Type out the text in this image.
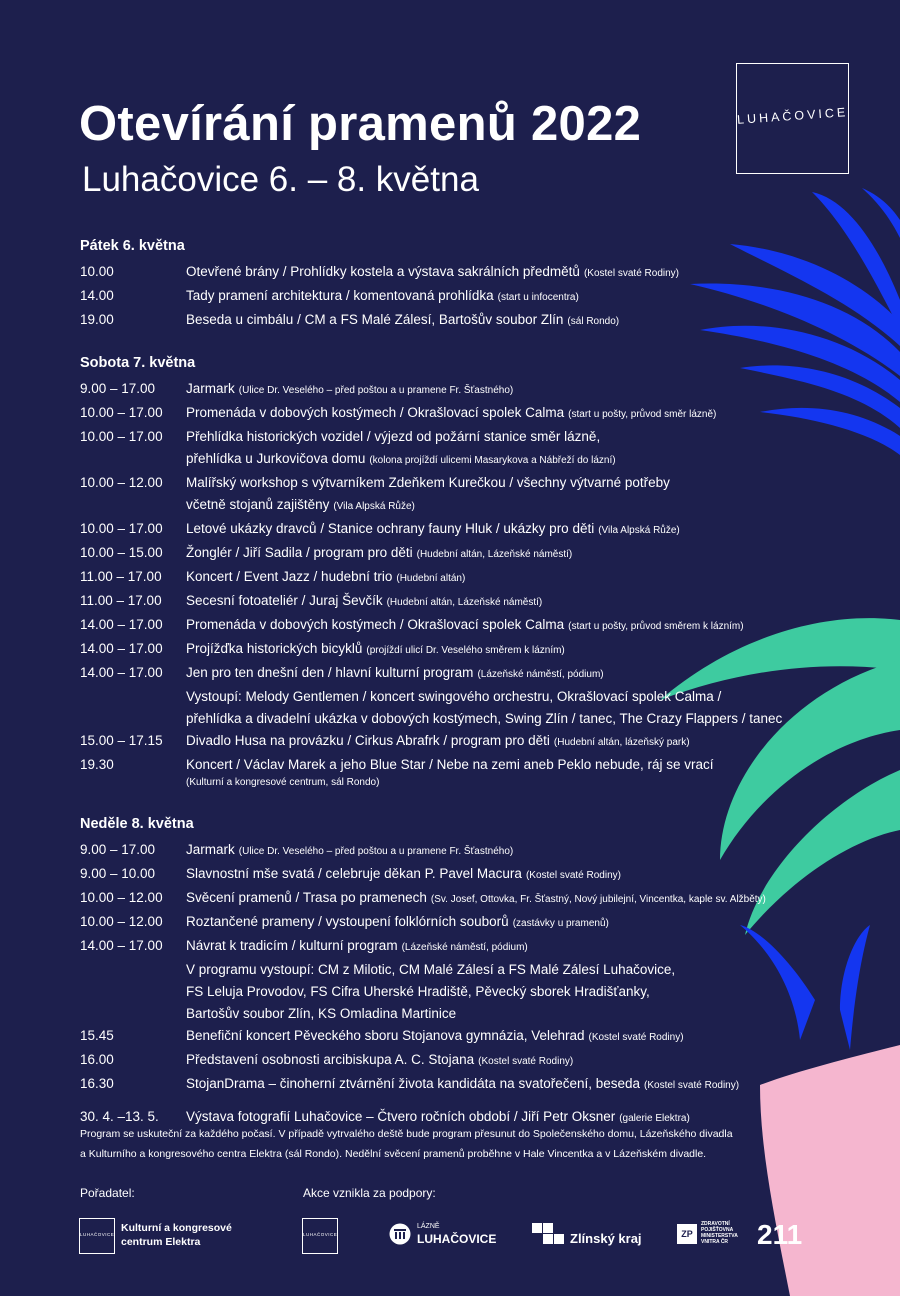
Otevírání pramenů 2022
Luhačovice 6. – 8. května
LUHAČOVICE
Pátek 6. května
10.00	Otevřené brány / Prohlídky kostela a výstava sakrálních předmětů (Kostel svaté Rodiny)
14.00	Tady pramení architektura / komentovaná prohlídka (start u infocentra)
19.00	Beseda u cimbálu / CM a FS Malé Zálesí, Bartošův soubor Zlín (sál Rondo)
Sobota 7. května
9.00 – 17.00	Jarmark (Ulice Dr. Veselého – před poštou a u pramene Fr. Šťastného)
10.00 – 17.00	Promenáda v dobových kostýmech / Okrašlovací spolek Calma (start u pošty, průvod směr lázně)
10.00 – 17.00	Přehlídka historických vozidel / výjezd od požární stanice směr lázně,
přehlídka u Jurkovičova domu (kolona projíždí ulicemi Masarykova a Nábřeží do lázní)
10.00 – 12.00	Malířský workshop s výtvarníkem Zdeňkem Kurečkou / všechny výtvarné potřeby
včetně stojanů zajištěny (Vila Alpská Růže)
10.00 – 17.00	Letové ukázky dravců / Stanice ochrany fauny Hluk / ukázky pro děti (Vila Alpská Růže)
10.00 – 15.00	Žonglér / Jiří Sadila / program pro děti (Hudební altán, Lázeňské náměstí)
11.00 – 17.00	Koncert / Event Jazz / hudební trio (Hudební altán)
11.00 – 17.00	Secesní fotoateliér / Juraj Ševčík (Hudební altán, Lázeňské náměstí)
14.00 – 17.00	Promenáda v dobových kostýmech / Okrašlovací spolek Calma (start u pošty, průvod směrem k lázním)
14.00 – 17.00	Projížďka historických bicyklů (projíždí ulicí Dr. Veselého směrem k lázním)
14.00 – 17.00	Jen pro ten dnešní den / hlavní kulturní program (Lázeňské náměstí, pódium)
Vystoupí: Melody Gentlemen / koncert swingového orchestru, Okrašlovací spolek Calma /
přehlídka a divadelní ukázka v dobových kostýmech, Swing Zlín / tanec, The Crazy Flappers / tanec
15.00 – 17.15	Divadlo Husa na provázku / Cirkus Abrafrk / program pro děti (Hudební altán, lázeňský park)
19.30	Koncert / Václav Marek a jeho Blue Star / Nebe na zemi aneb Peklo nebude, ráj se vrací
(Kulturní a kongresové centrum, sál Rondo)
Neděle 8. května
9.00 – 17.00	Jarmark (Ulice Dr. Veselého – před poštou a u pramene Fr. Šťastného)
9.00 – 10.00	Slavnostní mše svatá / celebruje děkan P. Pavel Macura (Kostel svaté Rodiny)
10.00 – 12.00	Svěcení pramenů / Trasa po pramenech (Sv. Josef, Ottovka, Fr. Šťastný, Nový jubilejní, Vincentka, kaple sv. Alžběty)
10.00 – 12.00	Roztančené prameny / vystoupení folklórních souborů (zastávky u pramenů)
14.00 – 17.00	Návrat k tradicím / kulturní program (Lázeňské náměstí, pódium)
V programu vystoupí: CM z Milotic, CM Malé Zálesí a FS Malé Zálesí Luhačovice,
FS Leluja Provodov, FS Cifra Uherské Hradiště, Pěvecký sborek Hradišťanky,
Bartošův soubor Zlín, KS Omladina Martinice
15.45	Benefiční koncert Pěveckého sboru Stojanova gymnázia, Velehrad (Kostel svaté Rodiny)
16.00	Představení osobnosti arcibiskupa A. C. Stojana (Kostel svaté Rodiny)
16.30	StojanDrama – činoherní ztvárnění života kandidáta na svatořečení, beseda (Kostel svaté Rodiny)
30. 4. –13. 5.	Výstava fotografií Luhačovice – Čtvero ročních období / Jiří Petr Oksner (galerie Elektra)
Program se uskuteční za každého počasí. V případě vytrvalého deště bude program přesunut do Společenského domu, Lázeňského divadla
a Kulturního a kongresového centra Elektra (sál Rondo). Nedělní svěcení pramenů proběhne v Hale Vincentka a v Lázeňském divadle.
Pořadatel:	Akce vznikla za podpory:
LUHAČOVICE
Kulturní a kongresové centrum Elektra
LUHAČOVICE
LÁZNĚ
LUHAČOVICE	Zlínský kraj	ZP
ZDRAVOTNÍ
POJIŠŤOVNA
MINISTERSTVA
VNITRA ČR	211
